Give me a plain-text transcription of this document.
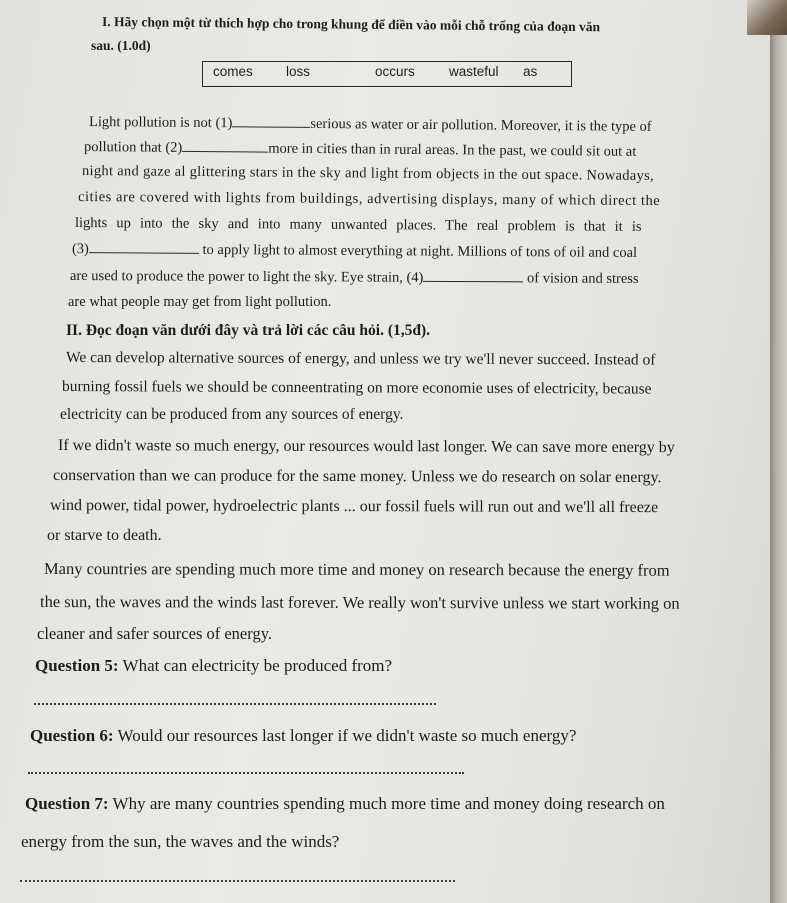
I. Hãy chọn một từ thích hợp cho trong khung để điền vào mỗi chỗ trống của đoạn văn
sau. (1.0d)
comes loss	occurs	wasteful as
Light pollution is not (1)	serious as water or air pollution. Moreover, it is the type of
pollution that (2)	more in cities than in rural areas. In the past, we could sit out at
night and gaze al glittering stars in the sky and light from objects in the out space. Nowadays,
cities are covered with lights from buildings, advertising displays, many of which direct the
lights up into the sky and into many unwanted places. The real problem is that it is
(3)	to apply light to almost everything at night. Millions of tons of oil and coal
are used to produce the power to light the sky. Eye strain, (4)	of vision and stress
are what people may get from light pollution.
II. Đọc đoạn văn dưới đây và trả lời các câu hỏi. (1,5đ).
We can develop alternative sources of energy, and unless we try we'll never succeed. Instead of
burning fossil fuels we should be conneentrating on more economie uses of electricity, because
electricity can be produced from any sources of energy.
If we didn't waste so much energy, our resources would last longer. We can save more energy by
conservation than we can produce for the same money. Unless we do research on solar energy.
wind power, tidal power, hydroelectric plants ... our fossil fuels will run out and we'll all freeze
or starve to death.
Many countries are spending much more time and money on research because the energy from
the sun, the waves and the winds last forever. We really won't survive unless we start working on
cleaner and safer sources of energy.
Question 5: What can electricity be produced from?
Question 6: Would our resources last longer if we didn't waste so much energy?
Question 7: Why are many countries spending much more time and money doing research on
energy from the sun, the waves and the winds?
